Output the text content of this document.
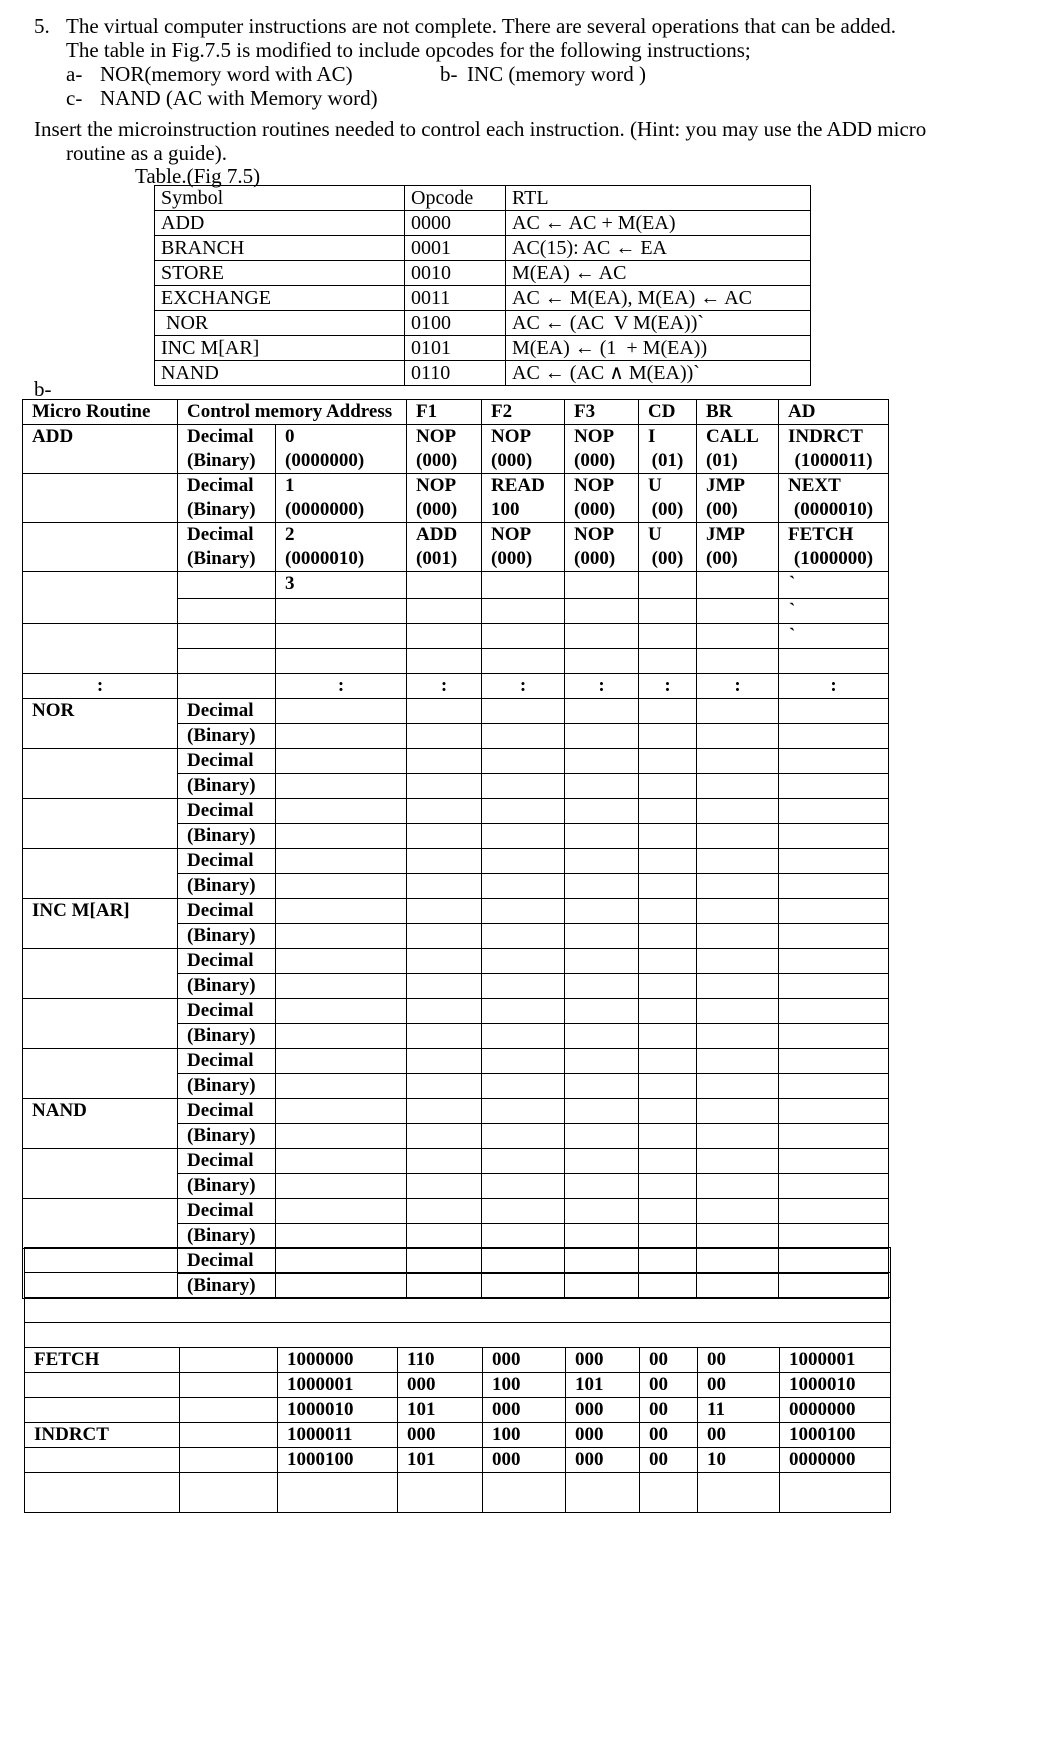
5. The virtual computer instructions are not complete. There are several operations that can be added.
The table in Fig.7.5 is modified to include opcodes for the following instructions;
a- NOR(memory word with AC)	b- INC (memory word )
c- NAND (AC with Memory word)
Insert the microinstruction routines needed to control each instruction. (Hint: you may use the ADD micro
routine as a guide).
Table.(Fig 7.5)
Symbol	Opcode	RTL
ADD	0000	AC ← AC + M(EA)
BRANCH	0001	AC(15): AC ← EA
STORE	0010	M(EA) ← AC
EXCHANGE	0011	AC ← M(EA), M(EA) ← AC
NOR	0100	AC ← (AC  V M(EA))`
INC M[AR]	0101	M(EA) ← (1  + M(EA))
NAND	0110	AC ← (AC ∧ M(EA))`
b-
Micro Routine	Control memory Address		F1	F2	F3	CD	BR	AD
ADD	Decimal	0	NOP	NOP	NOP	I	CALL	INDRCT
	(Binary)	(0000000)	(000)	(000)	(000)	(01)	(01)	(1000011)
	Decimal	1	NOP	READ	NOP	U	JMP	NEXT
	(Binary)	(0000000)	(000)	100	(000)	(00)	(00)	(0000010)
	Decimal	2	ADD	NOP	NOP	U	JMP	FETCH
	(Binary)	(0000010)	(001)	(000)	(000)	(00)	(00)	(1000000)
		3						`
								`
								`

:		:	:	:	:	:	:	:
NOR	Decimal							
	(Binary)							
	Decimal							
	(Binary)							
	Decimal							
	(Binary)							
	Decimal							
	(Binary)							
INC M[AR]	Decimal							
	(Binary)							
	Decimal							
	(Binary)							
	Decimal							
	(Binary)							
	Decimal							
	(Binary)							
NAND	Decimal							
	(Binary)							
	Decimal							
	(Binary)							
	Decimal							
	(Binary)							
	Decimal							
	(Binary)							

FETCH		1000000	110	000	000	00	00	1000001
		1000001	000	100	101	00	00	1000010
		1000010	101	000	000	00	11	0000000
INDRCT		1000011	000	100	000	00	00	1000100
		1000100	101	000	000	00	10	0000000
